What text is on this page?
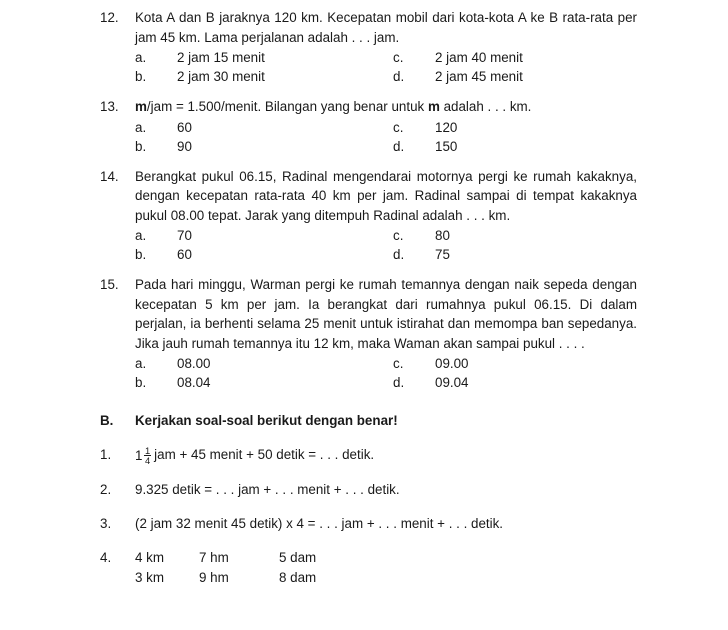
12.	Kota A dan B jaraknya 120 km. Kecepatan mobil dari kota-kota A ke B rata-rata per jam 45 km. Lama perjalanan adalah . . . jam.

a.	2 jam 15 menit	c.	2 jam 40 menit
b.	2 jam 30 menit	d.	2 jam 45 menit
13.	m/jam = 1.500/menit. Bilangan yang benar untuk m adalah . . . km.

a.	60	c.	120
b.	90	d.	150
14.	Berangkat pukul 06.15, Radinal mengendarai motornya pergi ke rumah kakaknya, dengan kecepatan rata-rata 40 km per jam. Radinal sampai di tempat kakaknya pukul 08.00 tepat. Jarak yang ditempuh Radinal adalah . . . km.

a.	70	c.	80
b.	60	d.	75
15.	Pada hari minggu, Warman pergi ke rumah temannya dengan naik sepeda dengan kecepatan 5 km per jam. Ia berangkat dari rumahnya pukul 06.15. Di dalam perjalan, ia berhenti selama 25 menit untuk istirahat dan memompa ban sepedanya. Jika jauh rumah temannya itu 12 km, maka Waman akan sampai pukul . . . .

a.	08.00	c.	09.00
b.	08.04	d.	09.04
B.	Kerjakan soal-soal berikut dengan benar!
1.	$1 \frac{1}{4}$ jam + 45 menit + 50 detik = . . . detik.
2.	9.325 detik = . . . jam + . . . menit + . . . detik.
3.	(2 jam 32 menit 45 detik) x 4 = . . . jam + . . . menit + . . . detik.
4.	4 km	7 hm	5 dam
3 km	9 hm	8 dam
